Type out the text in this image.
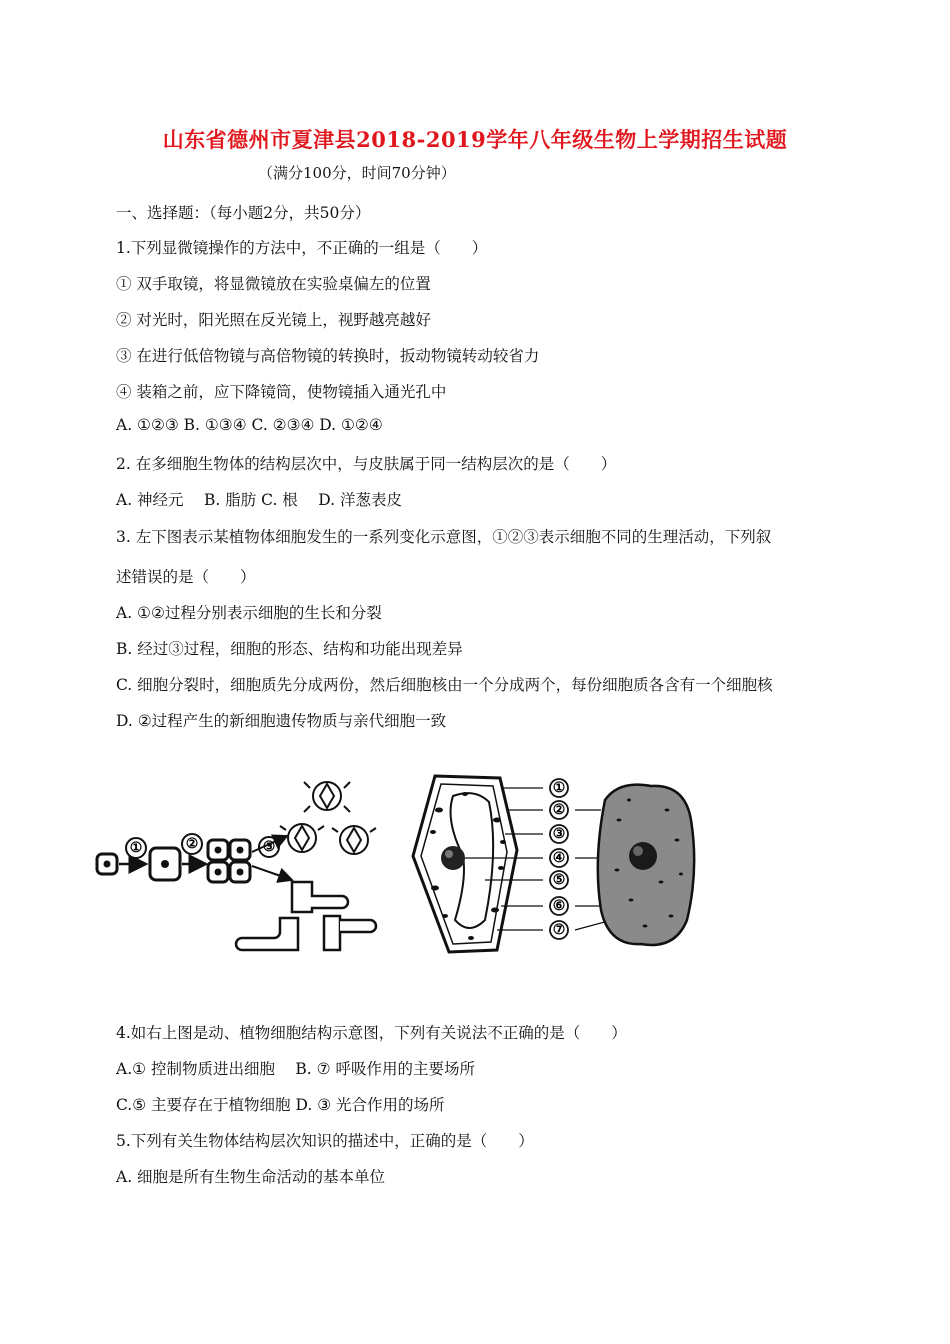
山东省德州市夏津县2018-2019学年八年级生物上学期招生试题
（满分100分，时间70分钟）
一、选择题：（每小题2分，共50分）
1.下列显微镜操作的方法中，不正确的一组是（　　）
① 双手取镜，将显微镜放在实验桌偏左的位置
② 对光时，阳光照在反光镜上，视野越亮越好
③ 在进行低倍物镜与高倍物镜的转换时，扳动物镜转动较省力
④ 装箱之前，应下降镜筒，使物镜插入通光孔中
A. ①②③ B. ①③④ C. ②③④ D. ①②④
2. 在多细胞生物体的结构层次中，与皮肤属于同一结构层次的是（　　）
A. 神经元　 B. 脂肪 C. 根　 D. 洋葱表皮
3. 左下图表示某植物体细胞发生的一系列变化示意图，①②③表示细胞不同的生理活动，下列叙
述错误的是（　　）
A. ①②过程分别表示细胞的生长和分裂
B. 经过③过程，细胞的形态、结构和功能出现差异
C. 细胞分裂时，细胞质先分成两份，然后细胞核由一个分成两个，每份细胞质各含有一个细胞核
D. ②过程产生的新细胞遗传物质与亲代细胞一致
①	②	③
①
②
③
④
⑤
⑥
⑦
4.如右上图是动、植物细胞结构示意图，下列有关说法不正确的是（　　）
A.① 控制物质进出细胞　 B. ⑦ 呼吸作用的主要场所
C.⑤ 主要存在于植物细胞 D. ③ 光合作用的场所
5.下列有关生物体结构层次知识的描述中，正确的是（　　）
A. 细胞是所有生物生命活动的基本单位
